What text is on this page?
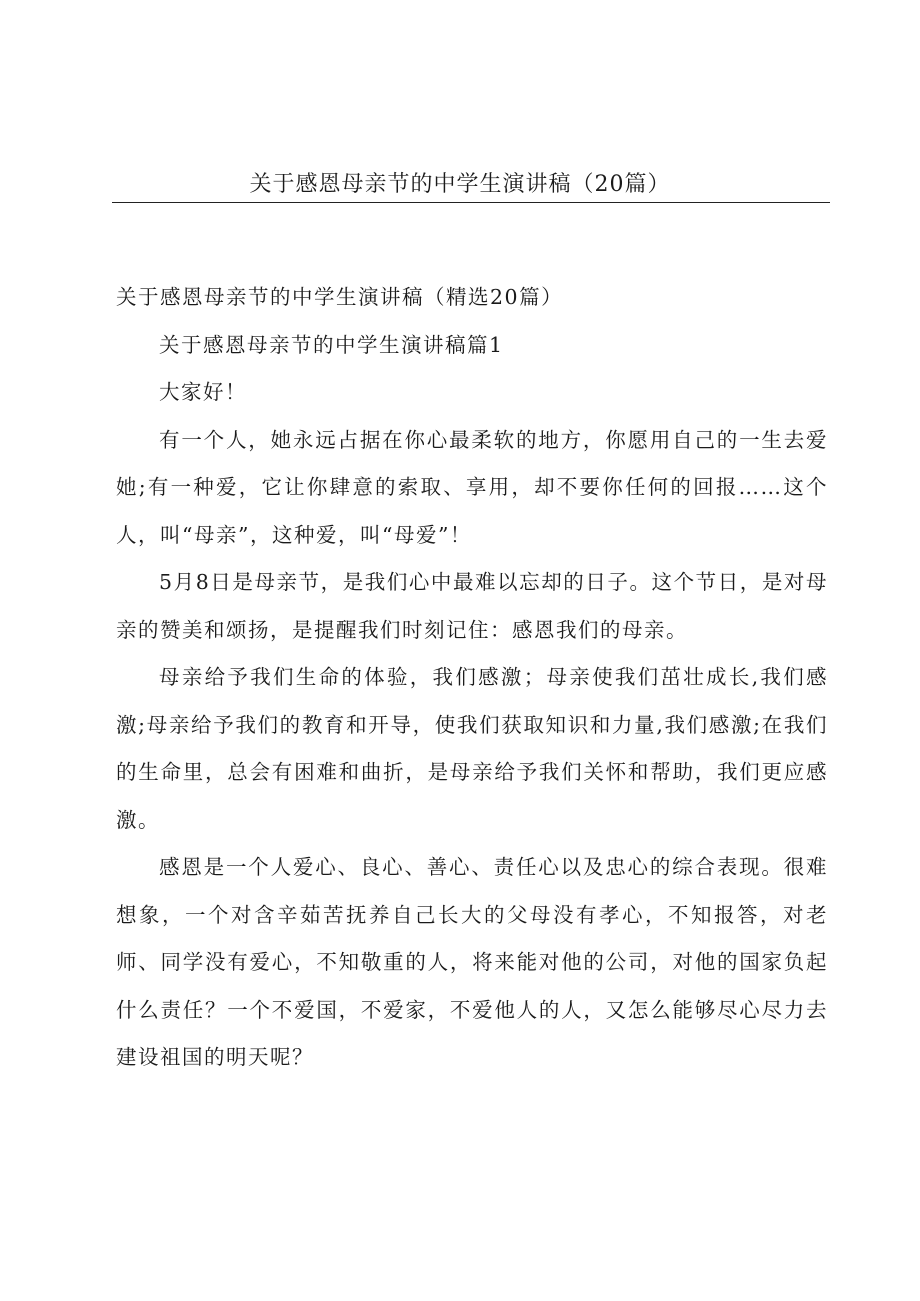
关于感恩母亲节的中学生演讲稿（20篇）

关于感恩母亲节的中学生演讲稿（精选20篇）

关于感恩母亲节的中学生演讲稿篇1

大家好！

有一个人，她永远占据在你心最柔软的地方，你愿用自己的一生去爱她;有一种爱，它让你肆意的索取、享用，却不要你任何的回报……这个人，叫“母亲”，这种爱，叫“母爱”！

5月8日是母亲节，是我们心中最难以忘却的日子。这个节日，是对母亲的赞美和颂扬，是提醒我们时刻记住：感恩我们的母亲。

母亲给予我们生命的体验，我们感激；母亲使我们茁壮成长,我们感激;母亲给予我们的教育和开导，使我们获取知识和力量,我们感激;在我们的生命里，总会有困难和曲折，是母亲给予我们关怀和帮助，我们更应感激。

感恩是一个人爱心、良心、善心、责任心以及忠心的综合表现。很难想象，一个对含辛茹苦抚养自己长大的父母没有孝心，不知报答，对老师、同学没有爱心，不知敬重的人，将来能对他的公司，对他的国家负起什么责任？一个不爱国，不爱家，不爱他人的人，又怎么能够尽心尽力去建设祖国的明天呢？
